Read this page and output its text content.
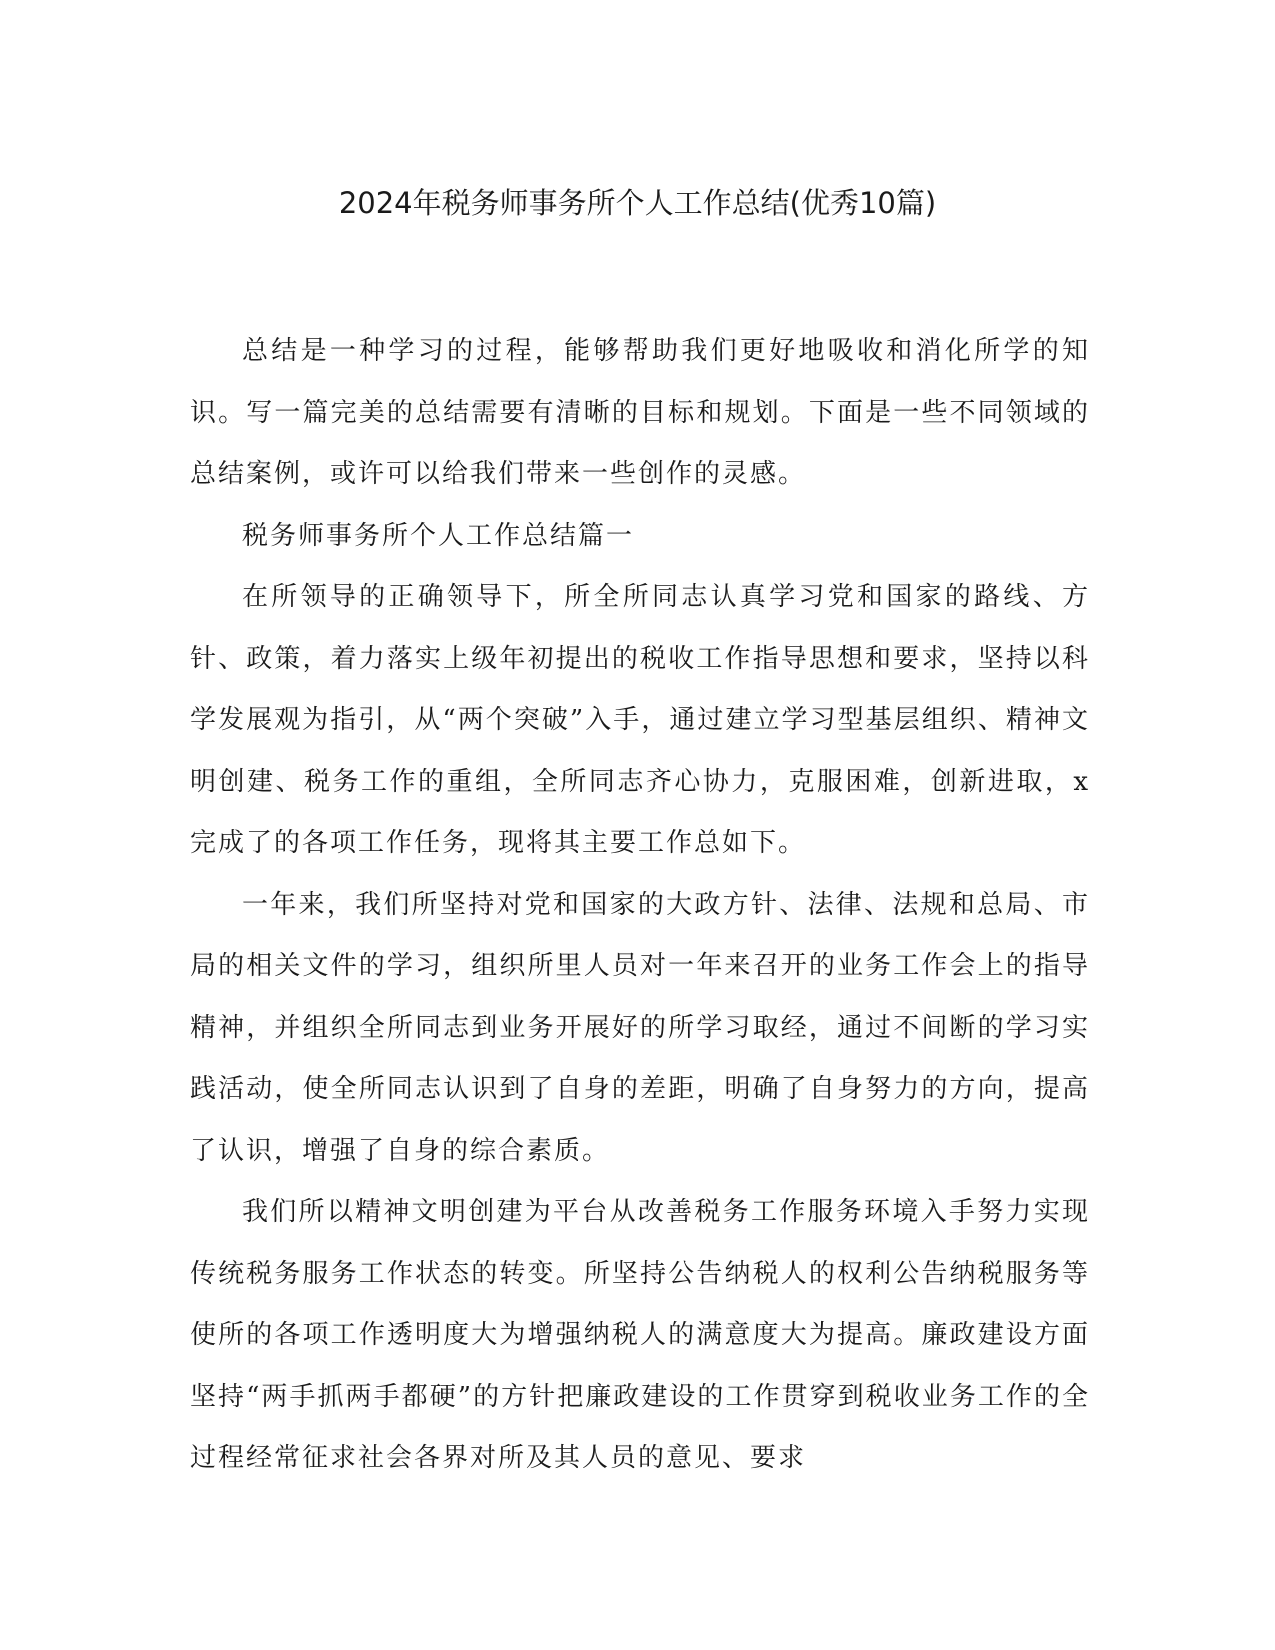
2024年税务师事务所个人工作总结(优秀10篇)

总结是一种学习的过程，能够帮助我们更好地吸收和消化所学的知识。写一篇完美的总结需要有清晰的目标和规划。下面是一些不同领域的总结案例，或许可以给我们带来一些创作的灵感。

税务师事务所个人工作总结篇一

在所领导的正确领导下，所全所同志认真学习党和国家的路线、方针、政策，着力落实上级年初提出的税收工作指导思想和要求，坚持以科学发展观为指引，从“两个突破”入手，通过建立学习型基层组织、精神文明创建、税务工作的重组，全所同志齐心协力，克服困难，创新进取，x完成了的各项工作任务，现将其主要工作总如下。

一年来，我们所坚持对党和国家的大政方针、法律、法规和总局、市局的相关文件的学习，组织所里人员对一年来召开的业务工作会上的指导精神，并组织全所同志到业务开展好的所学习取经，通过不间断的学习实践活动，使全所同志认识到了自身的差距，明确了自身努力的方向，提高了认识，增强了自身的综合素质。

我们所以精神文明创建为平台从改善税务工作服务环境入手努力实现传统税务服务工作状态的转变。所坚持公告纳税人的权利公告纳税服务等使所的各项工作透明度大为增强纳税人的满意度大为提高。廉政建设方面坚持“两手抓两手都硬”的方针把廉政建设的工作贯穿到税收业务工作的全过程经常征求社会各界对所及其人员的意见、要求
